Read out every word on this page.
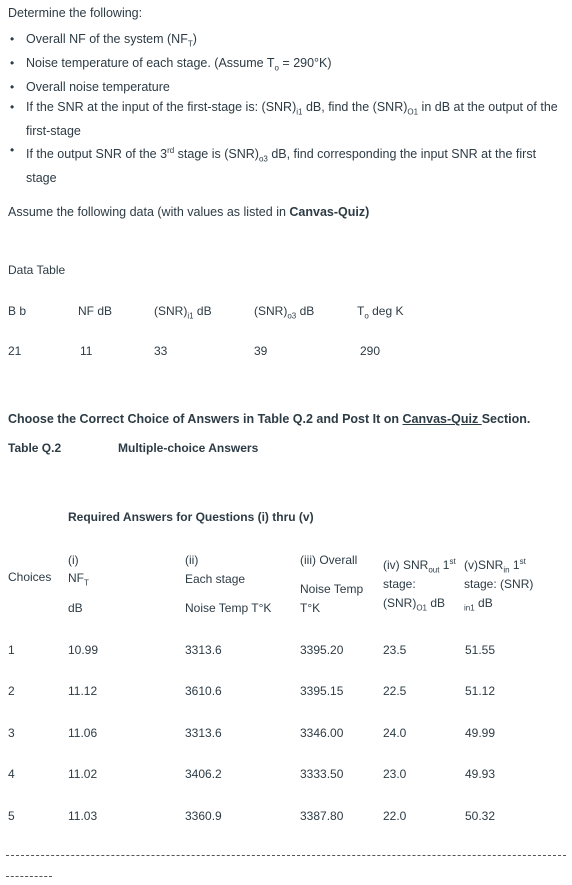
Determine the following:
• Overall NF of the system $(NF_T)$
• Noise temperature of each stage. (Assume $T_o = 290^\circ K$)
• Overall noise temperature
• If the SNR at the input of the first-stage is: $(SNR)_{i1}$ dB, find the $(SNR)_{O1}$ in dB at the output of the first-stage
• If the output SNR of the 3rd stage is $(SNR)_{o3}$ dB, find corresponding the input SNR at the first stage
Assume the following data (with values as listed in Canvas-Quiz)
Data Table
B b	NF dB	$(SNR)_{i1}$ dB	$(SNR)_{o3}$ dB	$T_o$ deg K
21	11	33	39	290
Choose the Correct Choice of Answers in Table Q.2 and Post It on Canvas-Quiz Section.
Table Q.2	Multiple-choice Answers
Required Answers for Questions (i) thru (v)
Choices
(i)
$NF_T$
dB
(ii)
Each stage
Noise Temp T°K
(iii) Overall
Noise Temp
T°K
(iv) $SNR_{out}$ 1st
stage:
$(SNR)_{O1}$ dB
$(v)SNR_{in}$ 1st
stage: (SNR)
$_{in1}$ dB
1	10.99	3313.6	3395.20	23.5	51.55
2	11.12	3610.6	3395.15	22.5	51.12
3	11.06	3313.6	3346.00	24.0	49.99
4	11.02	3406.2	3333.50	23.0	49.93
5	11.03	3360.9	3387.80	22.0	50.32
